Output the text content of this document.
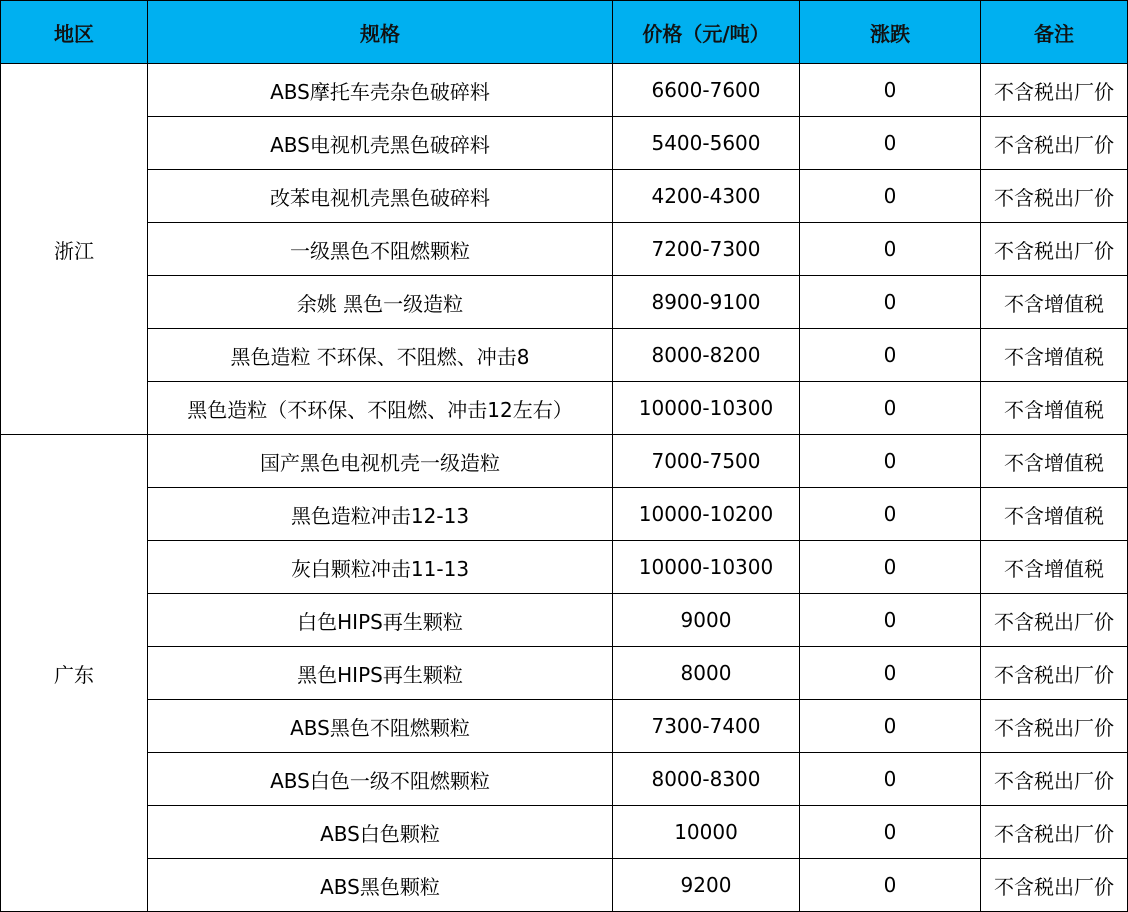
地区	规格	价格（元/吨）	涨跌	备注
浙江	ABS摩托车壳杂色破碎料	6600-7600	0	不含税出厂价
	ABS电视机壳黑色破碎料	5400-5600	0	不含税出厂价
	改苯电视机壳黑色破碎料	4200-4300	0	不含税出厂价
	一级黑色不阻燃颗粒	7200-7300	0	不含税出厂价
	余姚 黑色一级造粒	8900-9100	0	不含增值税
	黑色造粒 不环保、不阻燃、冲击8	8000-8200	0	不含增值税
	黑色造粒（不环保、不阻燃、冲击12左右）	10000-10300	0	不含增值税
广东	国产黑色电视机壳一级造粒	7000-7500	0	不含增值税
	黑色造粒冲击12-13	10000-10200	0	不含增值税
	灰白颗粒冲击11-13	10000-10300	0	不含增值税
	白色HIPS再生颗粒	9000	0	不含税出厂价
	黑色HIPS再生颗粒	8000	0	不含税出厂价
	ABS黑色不阻燃颗粒	7300-7400	0	不含税出厂价
	ABS白色一级不阻燃颗粒	8000-8300	0	不含税出厂价
	ABS白色颗粒	10000	0	不含税出厂价
	ABS黑色颗粒	9200	0	不含税出厂价
